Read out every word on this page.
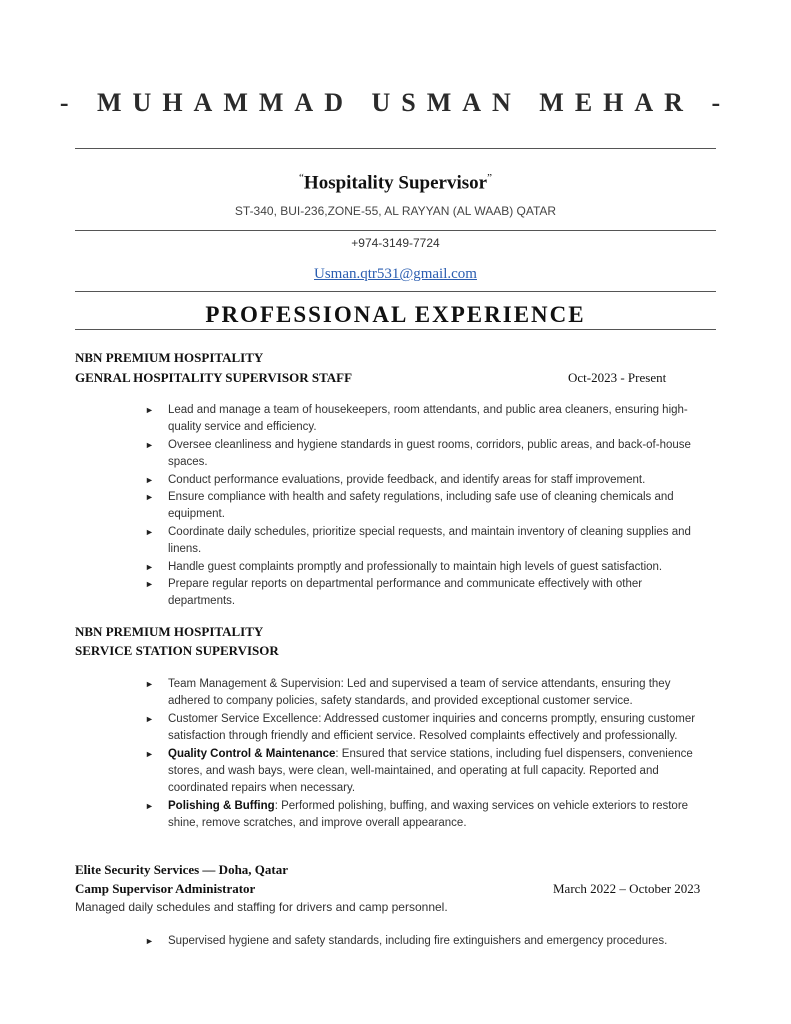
- MUHAMMAD USMAN MEHAR -
“Hospitality Supervisor”
ST-340, BUI-236,ZONE-55, AL RAYYAN (AL WAAB) QATAR
+974-3149-7724
Usman.qtr531@gmail.com
PROFESSIONAL EXPERIENCE
NBN PREMIUM HOSPITALITY
GENRAL HOSPITALITY SUPERVISOR STAFF	Oct-2023 - Present
► Lead and manage a team of housekeepers, room attendants, and public area cleaners, ensuring high-quality service and efficiency.
► Oversee cleanliness and hygiene standards in guest rooms, corridors, public areas, and back-of-house spaces.
► Conduct performance evaluations, provide feedback, and identify areas for staff improvement.
► Ensure compliance with health and safety regulations, including safe use of cleaning chemicals and equipment.
► Coordinate daily schedules, prioritize special requests, and maintain inventory of cleaning supplies and linens.
► Handle guest complaints promptly and professionally to maintain high levels of guest satisfaction.
► Prepare regular reports on departmental performance and communicate effectively with other departments.
NBN PREMIUM HOSPITALITY
SERVICE STATION SUPERVISOR
► Team Management & Supervision: Led and supervised a team of service attendants, ensuring they adhered to company policies, safety standards, and provided exceptional customer service.
► Customer Service Excellence: Addressed customer inquiries and concerns promptly, ensuring customer satisfaction through friendly and efficient service. Resolved complaints effectively and professionally.
► Quality Control & Maintenance: Ensured that service stations, including fuel dispensers, convenience stores, and wash bays, were clean, well-maintained, and operating at full capacity. Reported and coordinated repairs when necessary.
► Polishing & Buffing: Performed polishing, buffing, and waxing services on vehicle exteriors to restore shine, remove scratches, and improve overall appearance.
Elite Security Services — Doha, Qatar
Camp Supervisor Administrator	March 2022 – October 2023
Managed daily schedules and staffing for drivers and camp personnel.
► Supervised hygiene and safety standards, including fire extinguishers and emergency procedures.
